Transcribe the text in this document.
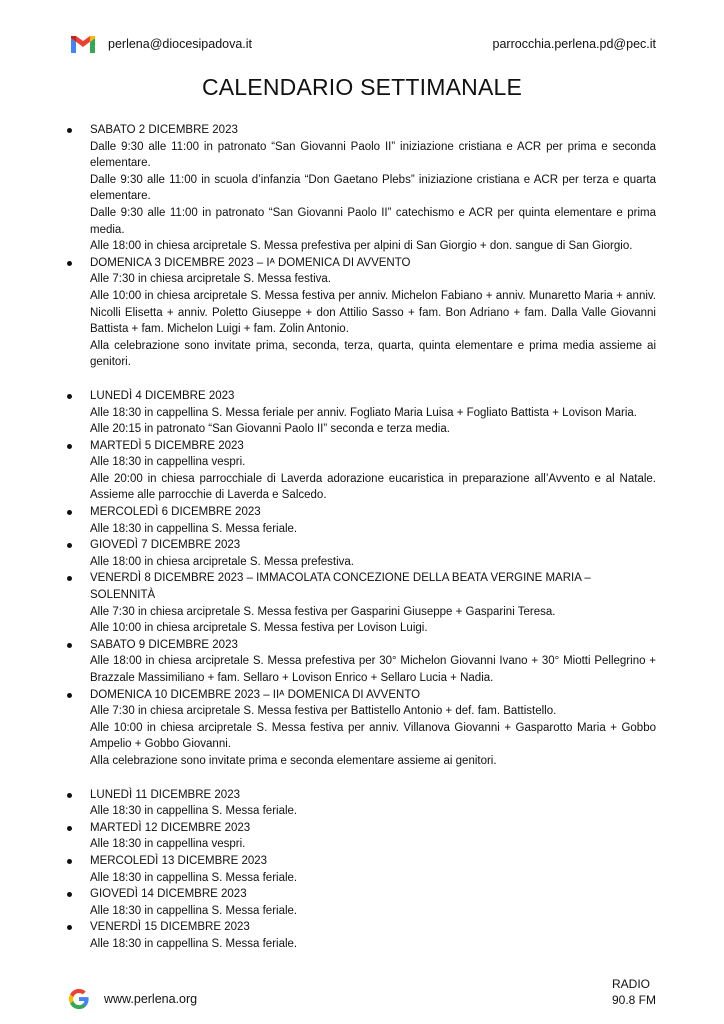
perlena@diocesipadova.it	parrocchia.perlena.pd@pec.it
CALENDARIO SETTIMANALE
SABATO 2 DICEMBRE 2023
Dalle 9:30 alle 11:00 in patronato “San Giovanni Paolo II” iniziazione cristiana e ACR per prima e seconda elementare.
Dalle 9:30 alle 11:00 in scuola d’infanzia “Don Gaetano Plebs” iniziazione cristiana e ACR per terza e quarta elementare.
Dalle 9:30 alle 11:00 in patronato “San Giovanni Paolo II” catechismo e ACR per quinta elementare e prima media.
Alle 18:00 in chiesa arcipretale S. Messa prefestiva per alpini di San Giorgio + don. sangue di San Giorgio.
DOMENICA 3 DICEMBRE 2023 – Iᴬ DOMENICA DI AVVENTO
Alle 7:30 in chiesa arcipretale S. Messa festiva.
Alle 10:00 in chiesa arcipretale S. Messa festiva per anniv. Michelon Fabiano + anniv. Munaretto Maria + anniv. Nicolli Elisetta + anniv. Poletto Giuseppe + don Attilio Sasso + fam. Bon Adriano + fam. Dalla Valle Giovanni Battista + fam. Michelon Luigi + fam. Zolin Antonio.
Alla celebrazione sono invitate prima, seconda, terza, quarta, quinta elementare e prima media assieme ai genitori.
LUNEDÌ 4 DICEMBRE 2023
Alle 18:30 in cappellina S. Messa feriale per anniv. Fogliato Maria Luisa + Fogliato Battista + Lovison Maria.
Alle 20:15 in patronato “San Giovanni Paolo II” seconda e terza media.
MARTEDÌ 5 DICEMBRE 2023
Alle 18:30 in cappellina vespri.
Alle 20:00 in chiesa parrocchiale di Laverda adorazione eucaristica in preparazione all’Avvento e al Natale. Assieme alle parrocchie di Laverda e Salcedo.
MERCOLEDÌ 6 DICEMBRE 2023
Alle 18:30 in cappellina S. Messa feriale.
GIOVEDÌ 7 DICEMBRE 2023
Alle 18:00 in chiesa arcipretale S. Messa prefestiva.
VENERDÌ 8 DICEMBRE 2023 – IMMACOLATA CONCEZIONE DELLA BEATA VERGINE MARIA – SOLENNITÀ
Alle 7:30 in chiesa arcipretale S. Messa festiva per Gasparini Giuseppe + Gasparini Teresa.
Alle 10:00 in chiesa arcipretale S. Messa festiva per Lovison Luigi.
SABATO 9 DICEMBRE 2023
Alle 18:00 in chiesa arcipretale S. Messa prefestiva per 30° Michelon Giovanni Ivano + 30° Miotti Pellegrino + Brazzale Massimiliano + fam. Sellaro + Lovison Enrico + Sellaro Lucia + Nadia.
DOMENICA 10 DICEMBRE 2023 – IIᴬ DOMENICA DI AVVENTO
Alle 7:30 in chiesa arcipretale S. Messa festiva per Battistello Antonio + def. fam. Battistello.
Alle 10:00 in chiesa arcipretale S. Messa festiva per anniv. Villanova Giovanni + Gasparotto Maria + Gobbo Ampelio + Gobbo Giovanni.
Alla celebrazione sono invitate prima e seconda elementare assieme ai genitori.
LUNEDÌ 11 DICEMBRE 2023
Alle 18:30 in cappellina S. Messa feriale.
MARTEDÌ 12 DICEMBRE 2023
Alle 18:30 in cappellina vespri.
MERCOLEDÌ 13 DICEMBRE 2023
Alle 18:30 in cappellina S. Messa feriale.
GIOVEDÌ 14 DICEMBRE 2023
Alle 18:30 in cappellina S. Messa feriale.
VENERDÌ 15 DICEMBRE 2023
Alle 18:30 in cappellina S. Messa feriale.
www.perlena.org
RADIO
90.8 FM
